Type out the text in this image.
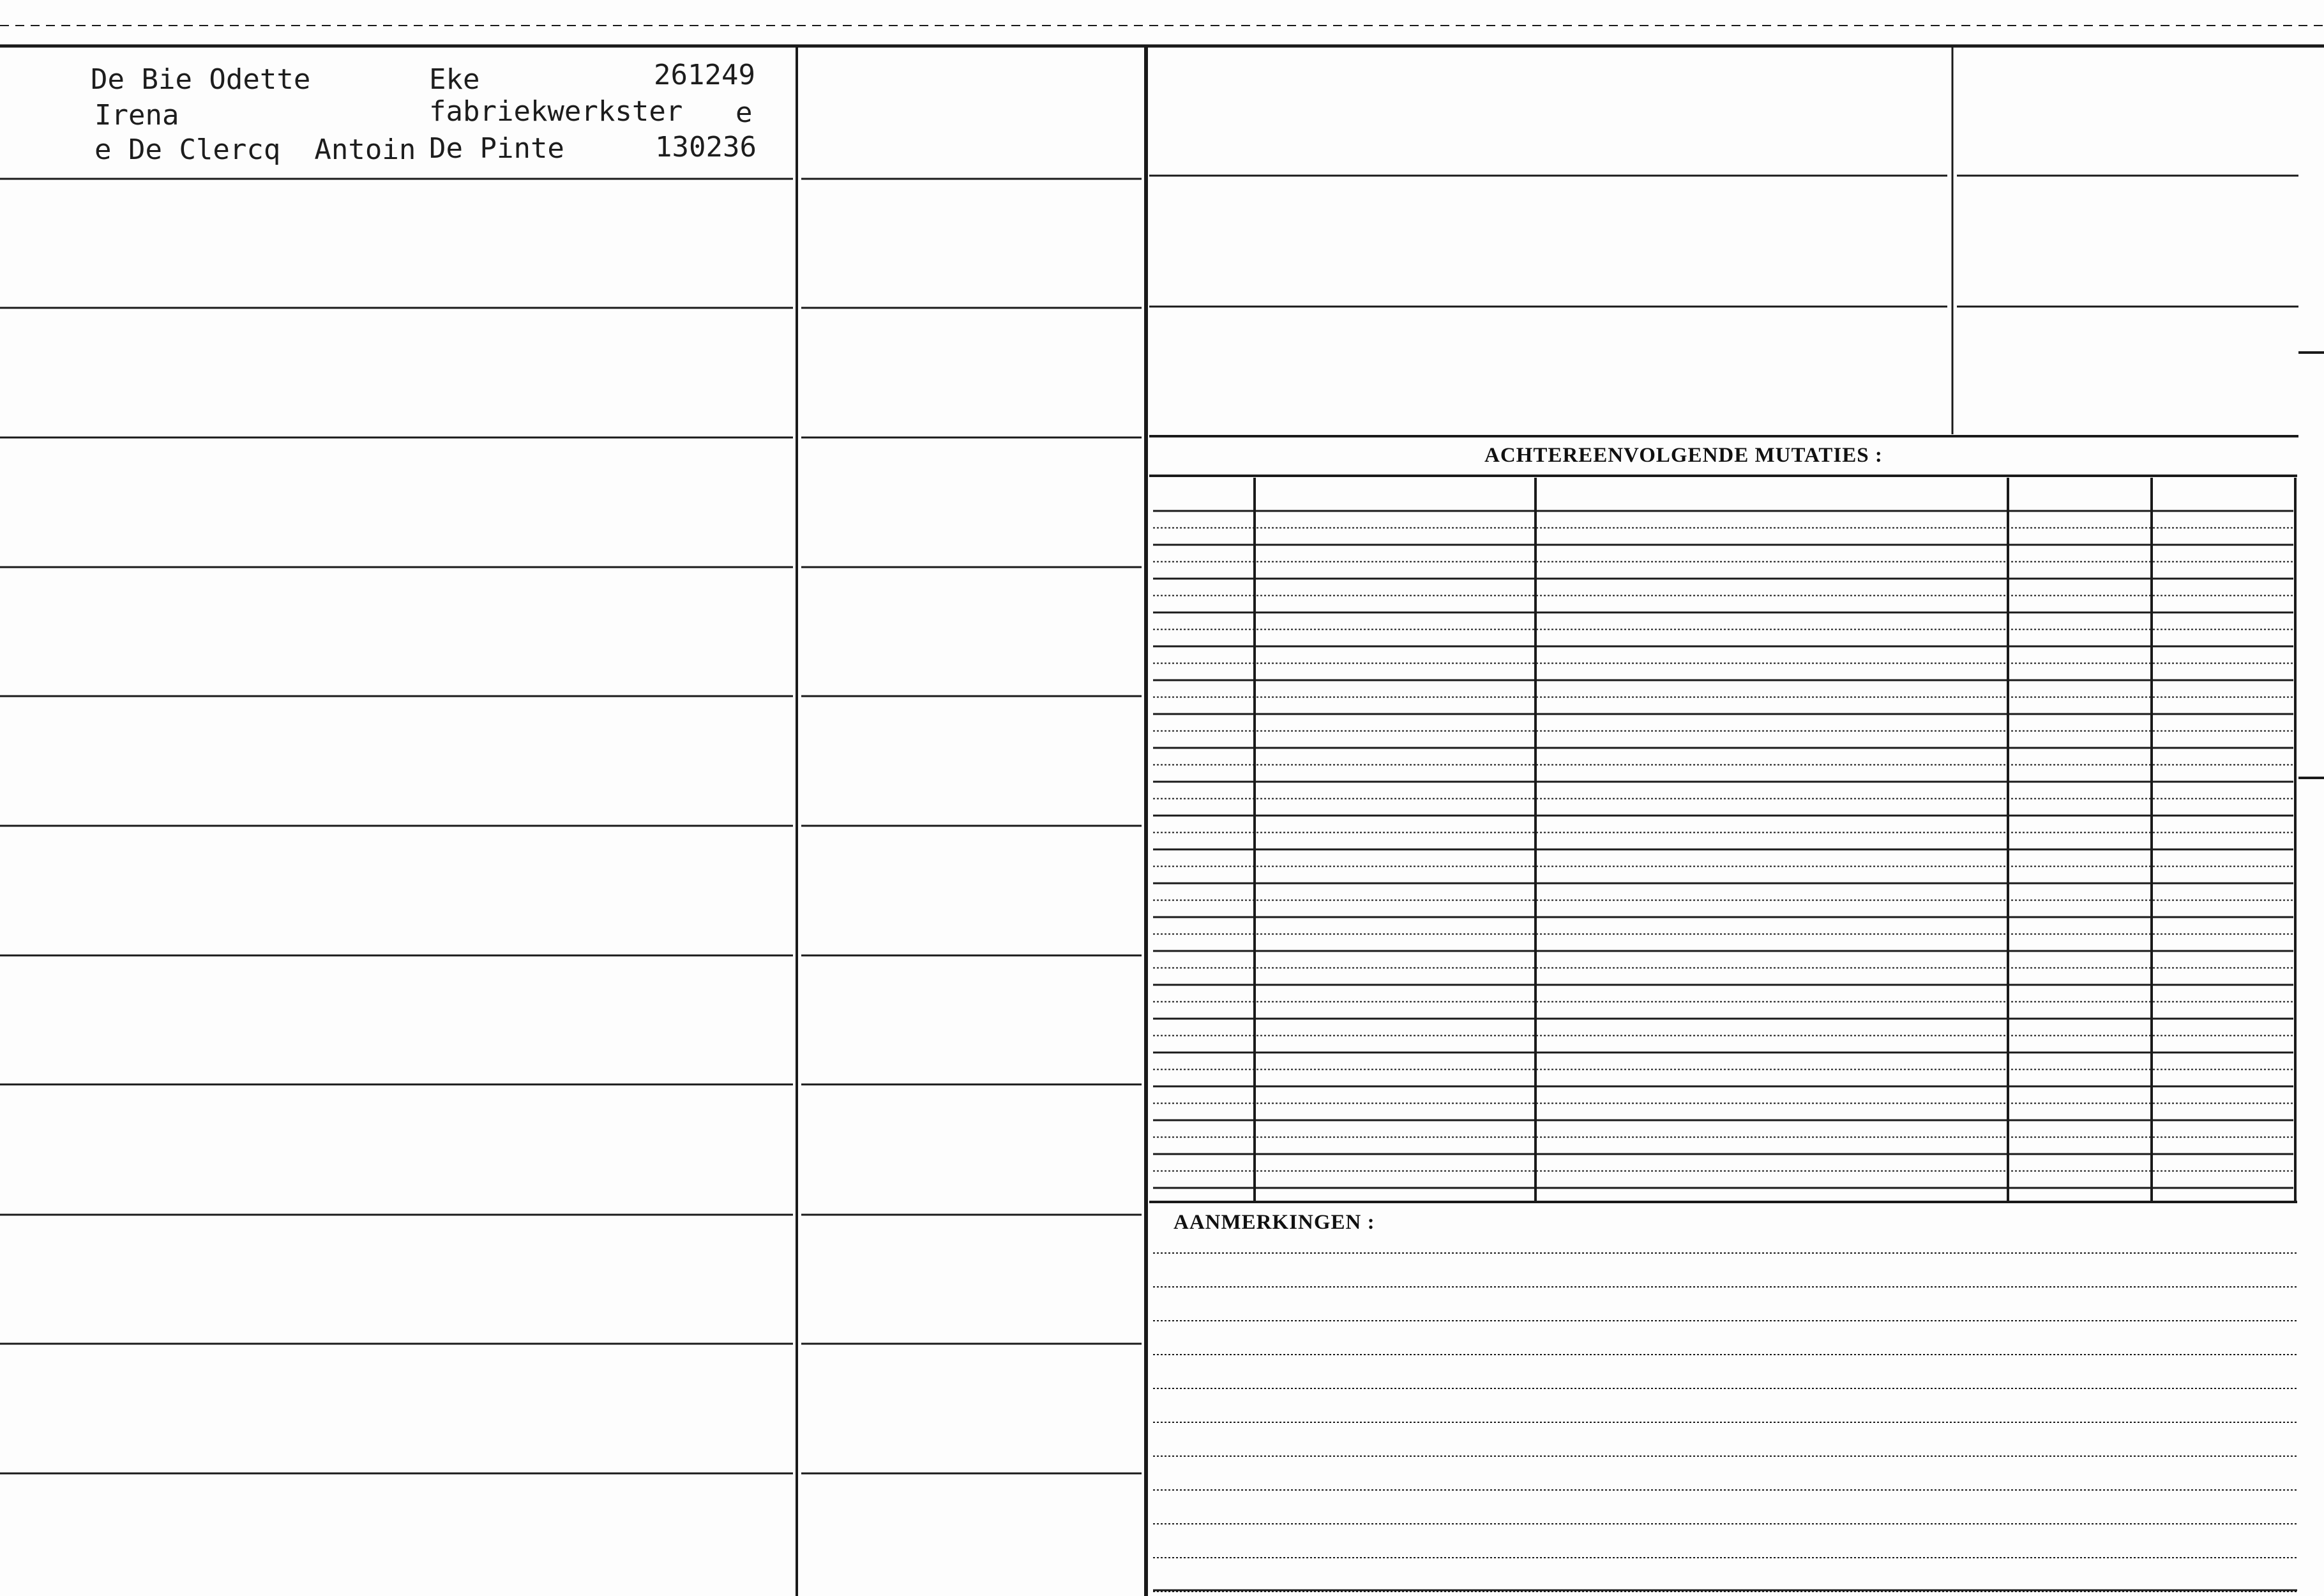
De Bie Odette
Irena
e De Clercq  Antoin
Eke
fabriekwerkster
De Pinte
261249
e
130236
ACHTEREENVOLGENDE MUTATIES :
AANMERKINGEN :
